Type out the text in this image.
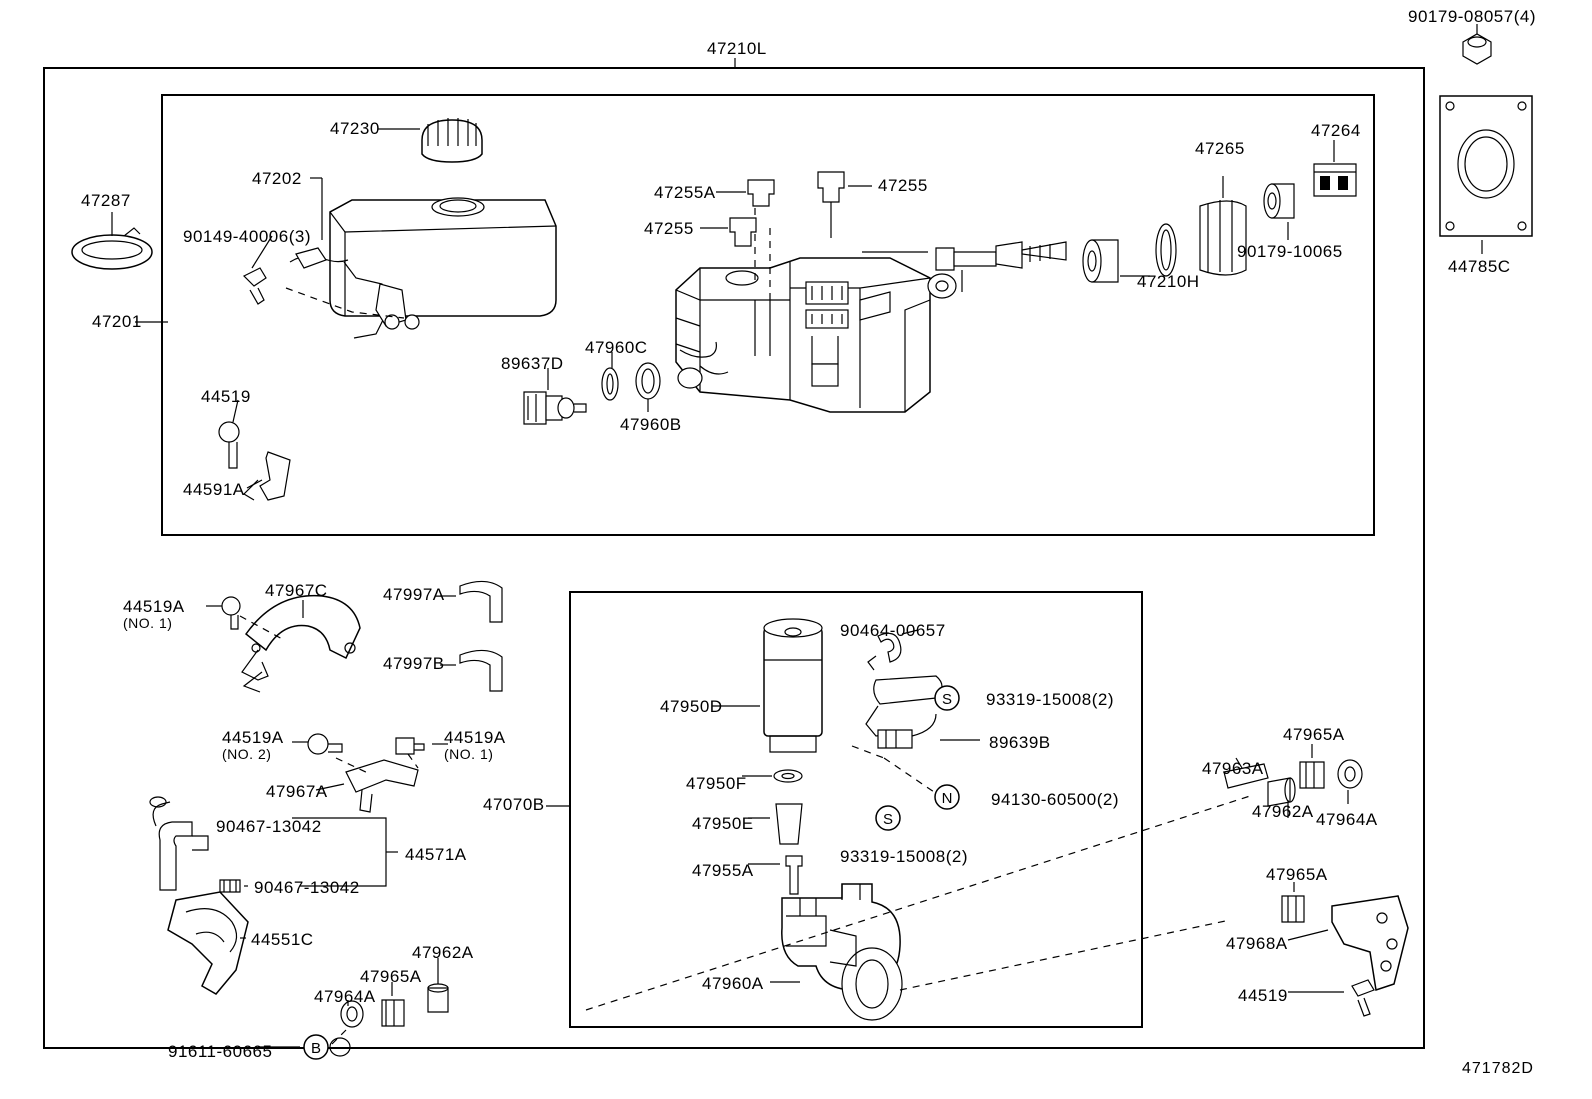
S
N
S
B
90179-08057(4)
47210L
47264
47230
47265
47202
47287	47255A	47255
47255
90149-40006(3)
90179-10065
47210H
44785C
47201
89637D
47960C
47960B
44519
44591A
47967C
44519A
(NO. 1)
47997A
47997B
90464-00657
47950D	93319-15008(2)
89639B
44519A
(NO. 2)
44519A
(NO. 1)
47965A
47963A
47950F
94130-60500(2)
47967A
47070B	47962A 47964A
90467-13042	47950E
44571A	93319-15008(2)
47955A	47965A
90467-13042
44551C	47968A
47962A
47965A	47960A
47964A	44519
91611-60665
471782D
